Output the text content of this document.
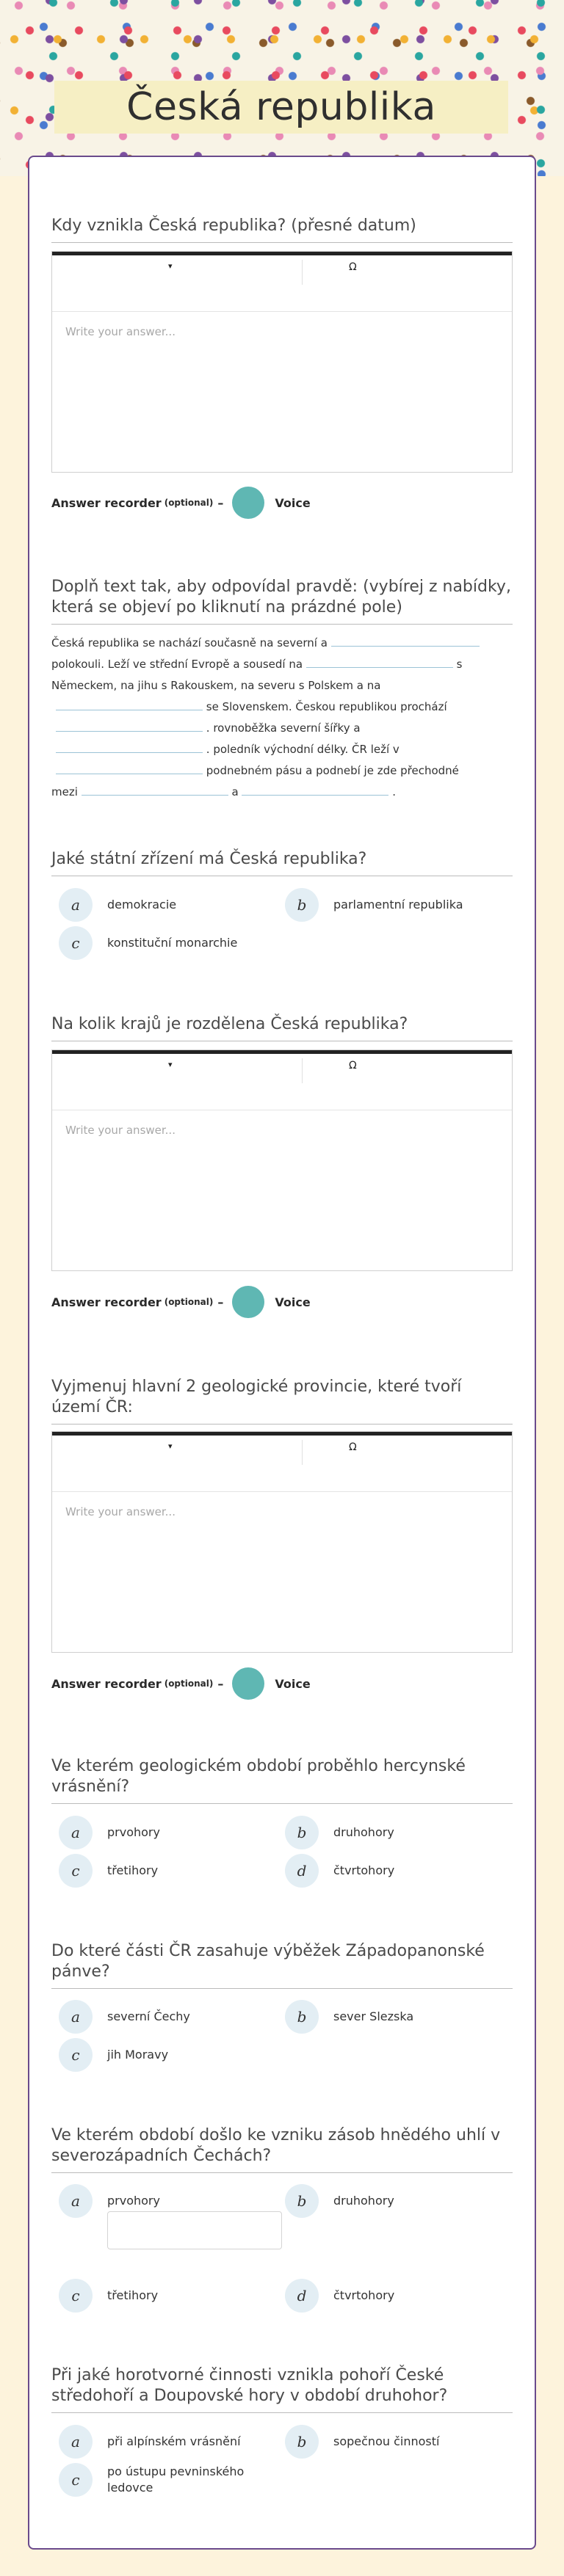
Česká republika
Kdy vznikla Česká republika? (přesné datum)
▾	Ω
Write your answer...
Answer recorder (optional) –	Voice
Doplň text tak, aby odpovídal pravdě: (vybírej z nabídky, která se objeví po kliknutí na prázdné pole)
Česká republika se nachází současně na severní a
polokouli. Leží ve střední Evropě a sousedí na	s Německem, na jihu s Rakouskem, na severu s Polskem a na
se Slovenskem. Českou republikou prochází
. rovnoběžka severní šířky a
. poledník východní délky. ČR leží v
podnebném pásu a podnebí je zde přechodné
mezi	a	.
Jaké státní zřízení má Česká republika?
a	demokracie	b	parlamentní republika
c	konstituční monarchie
Na kolik krajů je rozdělena Česká republika?
▾	Ω
Write your answer...
Answer recorder (optional) –	Voice
Vyjmenuj hlavní 2 geologické provincie, které tvoří území ČR:
▾	Ω
Write your answer...
Answer recorder (optional) –	Voice
Ve kterém geologickém období proběhlo hercynské vrásnění?
a	prvohory	b	druhohory
c	třetihory	d	čtvrtohory
Do které části ČR zasahuje výběžek Západopanonské pánve?
a	severní Čechy	b	sever Slezska
c	jih Moravy
Ve kterém období došlo ke vzniku zásob hnědého uhlí v severozápadních Čechách?
a	prvohory	b	druhohory
c	třetihory	d	čtvrtohory
Při jaké horotvorné činnosti vznikla pohoří České středohoří a Doupovské hory v období druhohor?
a	při alpínském vrásnění	b	sopečnou činností
c	po ústupu pevninského ledovce
